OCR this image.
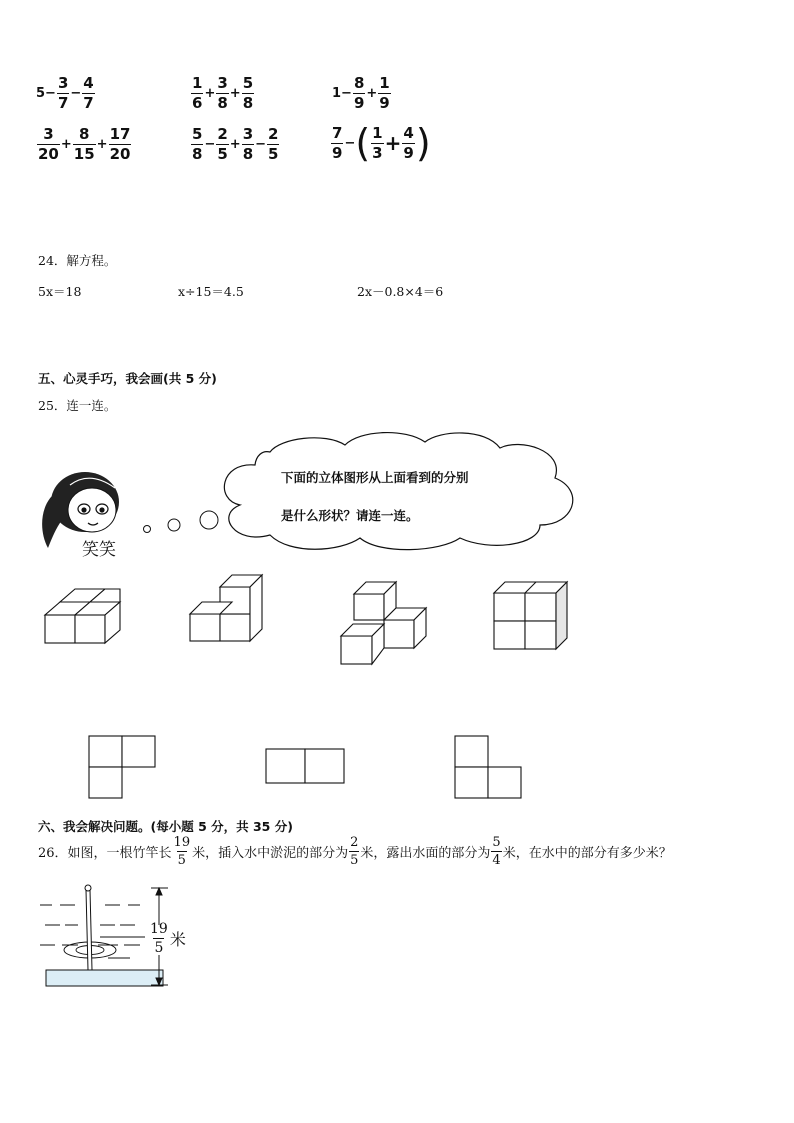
$5 - \frac{3}{7} - \frac{4}{7}$	$\frac{1}{6} + \frac{3}{8} + \frac{5}{8}$	$1 - \frac{8}{9} + \frac{1}{9}$
$\frac{3}{20} + \frac{8}{15} + \frac{17}{20}$	$\frac{5}{8} - \frac{2}{5} + \frac{3}{8} - \frac{2}{5}$	$\frac{7}{9}$ − ( $\frac{1}{3} + \frac{4}{9}$ )
24．解方程。
5x＝18	x÷15＝4.5	2x－0.8×4＝6
五、心灵手巧，我会画(共 5 分)
25．连一连。
下面的立体图形从上面看到的分别
是什么形状？请连一连。
笑笑
六、我会解决问题。(每小题 5 分，共 35 分)
26．如图，一根竹竿长 $\frac{19}{5}$ 米，插入水中淤泥的部分为 $\frac{2}{5}$ 米，露出水面的部分为 $\frac{5}{4}$ 米，在水中的部分有多少米？
$\frac{19}{5}$ 米
